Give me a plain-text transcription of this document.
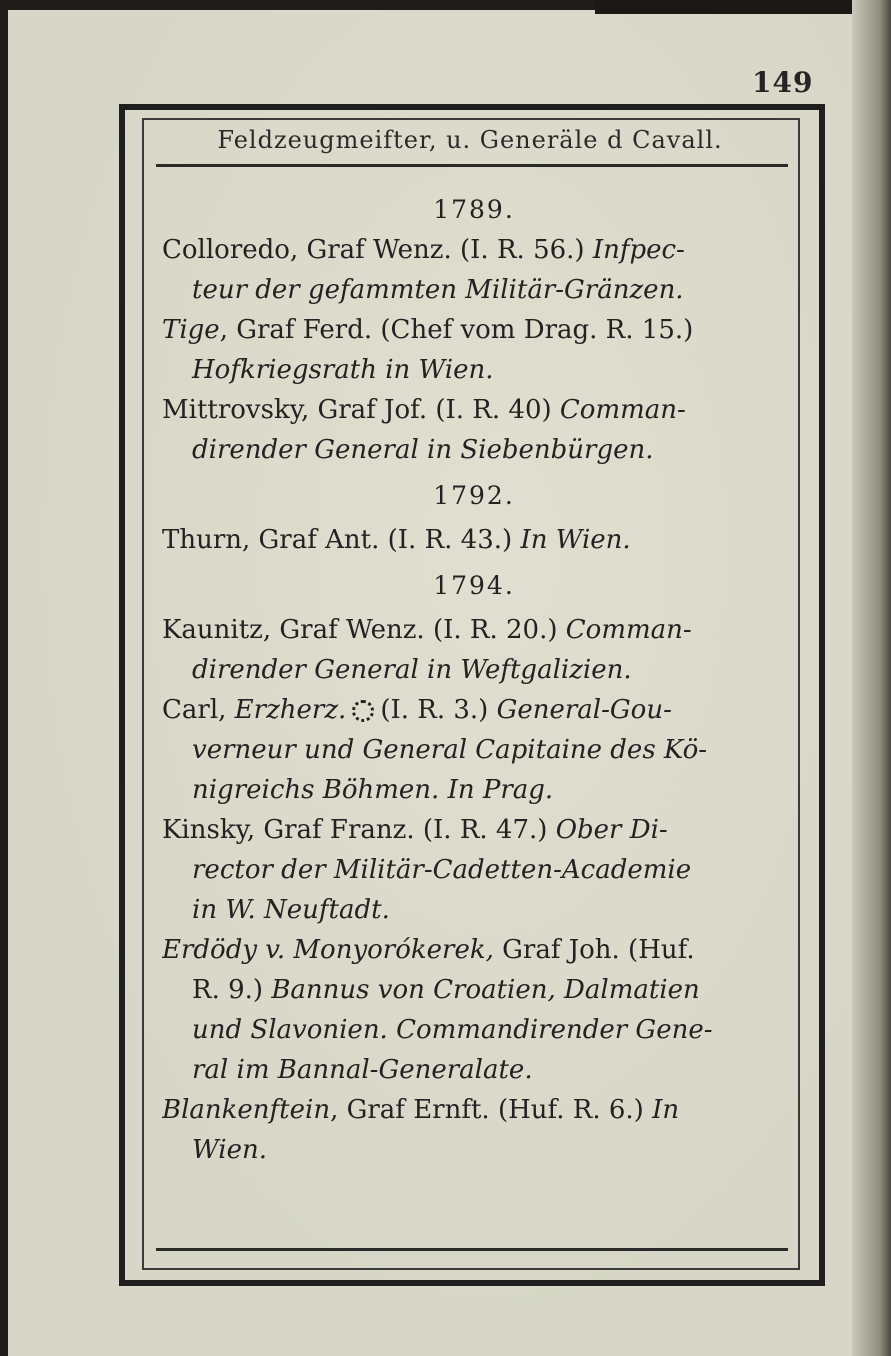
149
Feldzeugmeifter, u. Generäle d Cavall.
1789.
Colloredo, Graf Wenz. (I. R. 56.) Infpec-
teur der gefammten Militär-Gränzen.
Tige, Graf Ferd. (Chef vom Drag. R. 15.)
Hofkriegsrath in Wien.
Mittrovsky, Graf Jof. (I. R. 40) Comman-
dirender General in Siebenbürgen.
1792.
Thurn, Graf Ant. (I. R. 43.) In Wien.
1794.
Kaunitz, Graf Wenz. (I. R. 20.) Comman-
dirender General in Weftgalizien.
Carl, Erzherz. (I. R. 3.) General-Gou-
verneur und General Capitaine des Kö-
nigreichs Böhmen. In Prag.
Kinsky, Graf Franz. (I. R. 47.) Ober Di-
rector der Militär-Cadetten-Academie
in W. Neuftadt.
Erdödy v. Monyorókerek, Graf Joh. (Huf.
R. 9.) Bannus von Croatien, Dalmatien
und Slavonien. Commandirender Gene-
ral im Bannal-Generalate.
Blankenftein, Graf Ernft. (Huf. R. 6.) In
Wien.
